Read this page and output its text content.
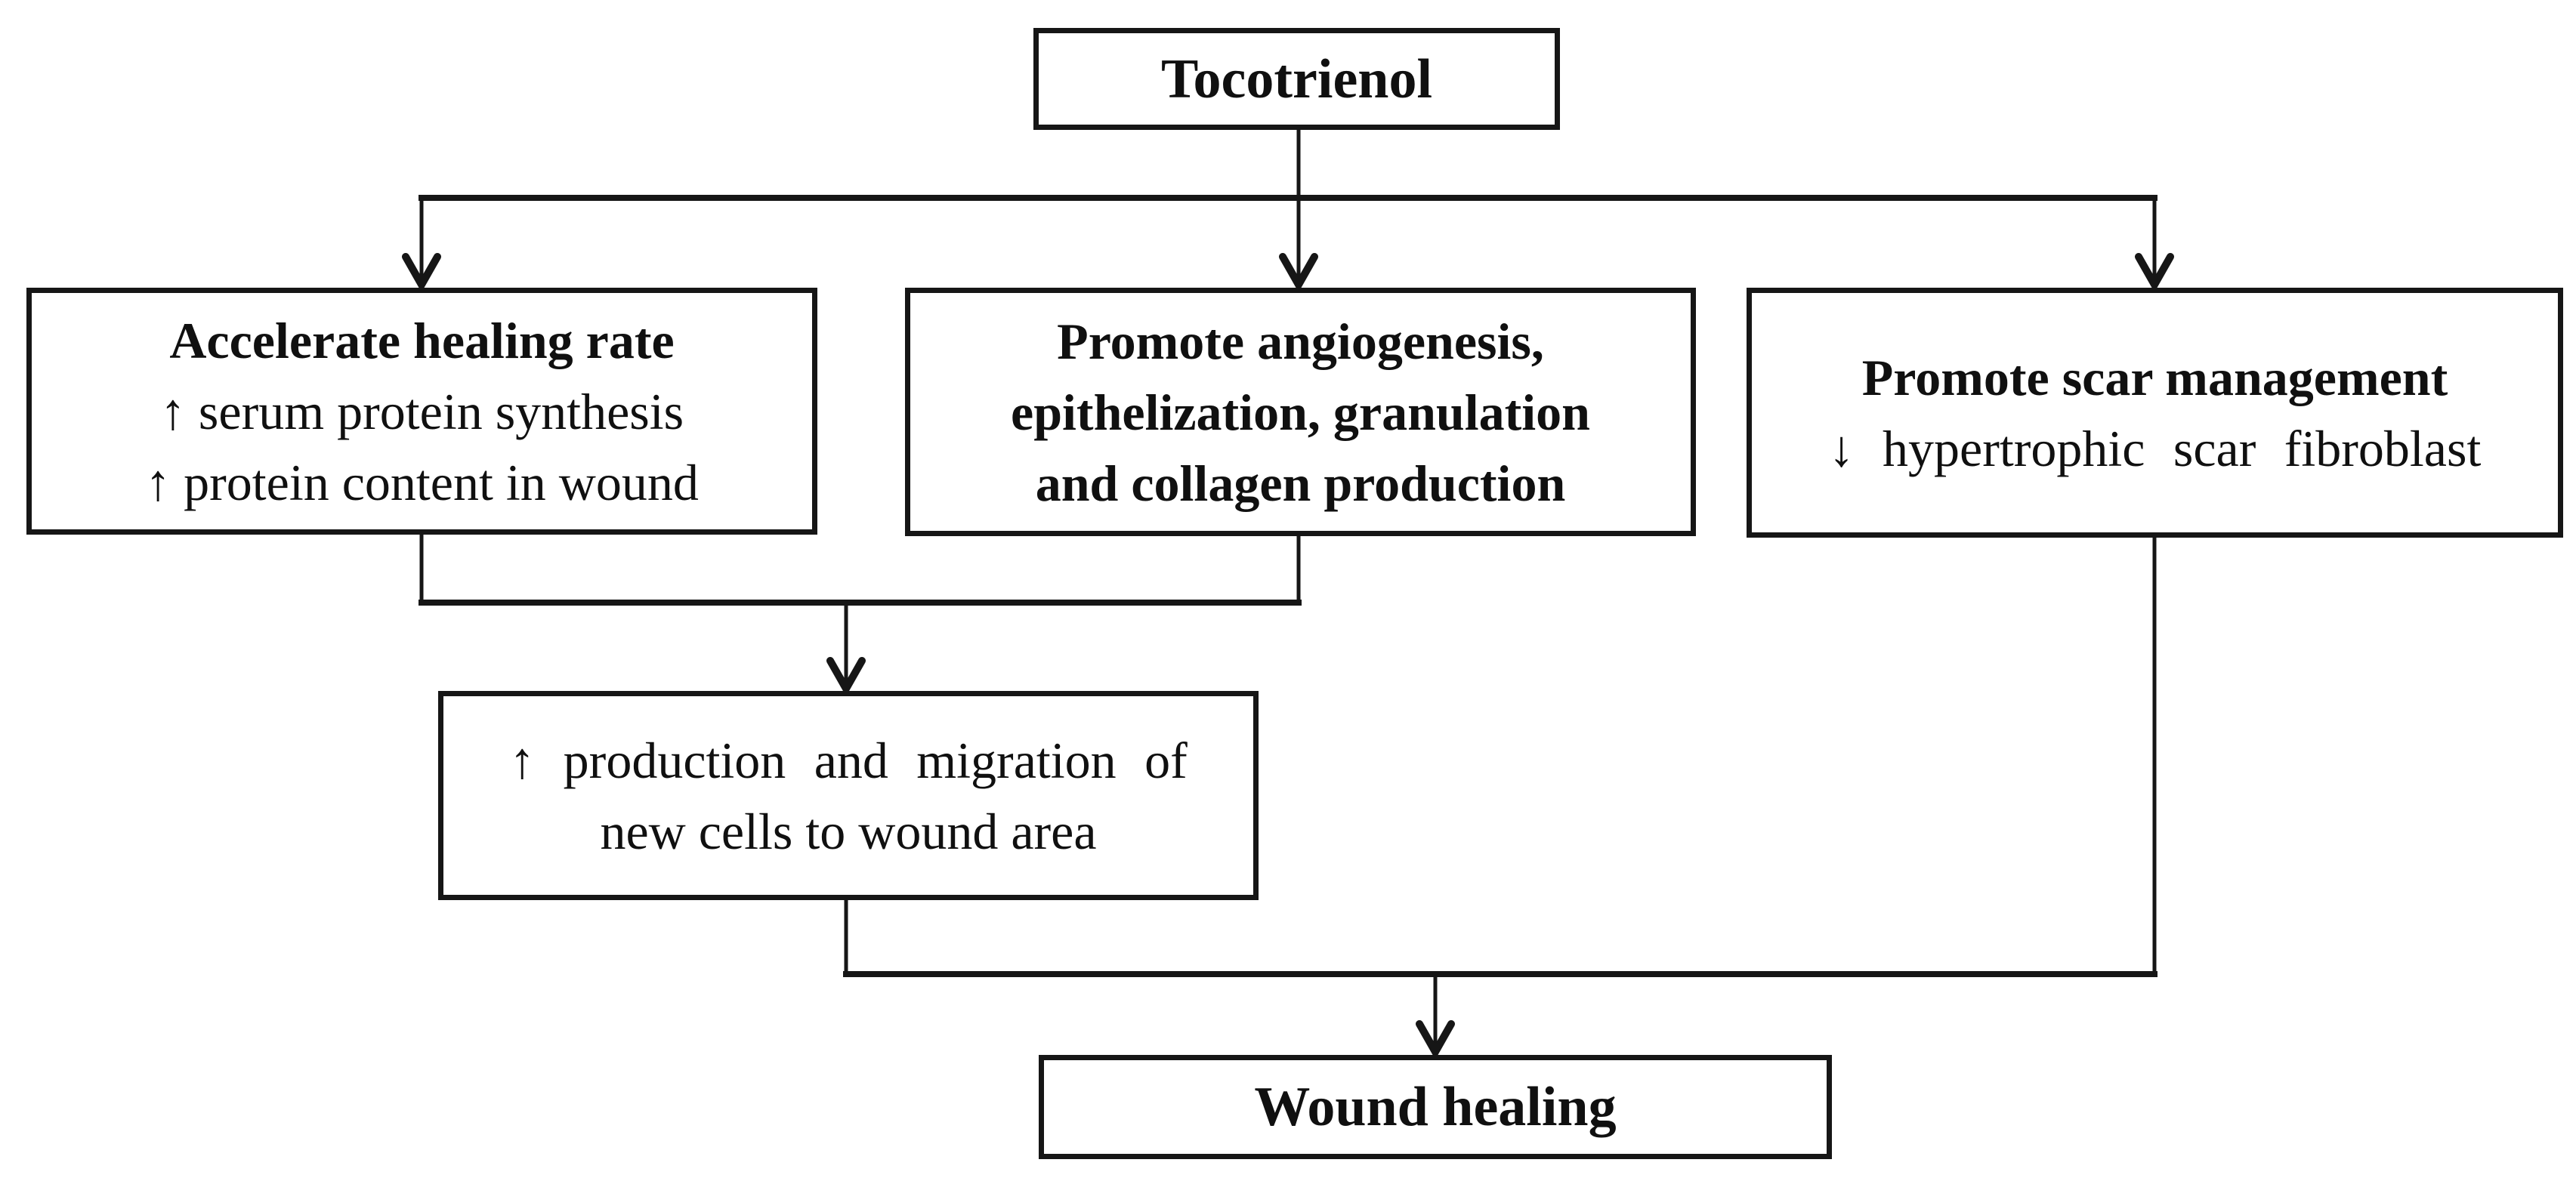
Tocotrienol
Accelerate healing rate
↑ serum protein synthesis
↑ protein content in wound
Promote angiogenesis,
epithelization, granulation
and collagen production
Promote scar management
↓ hypertrophic scar fibroblast
↑ production and migration of
new cells to wound area
Wound healing
